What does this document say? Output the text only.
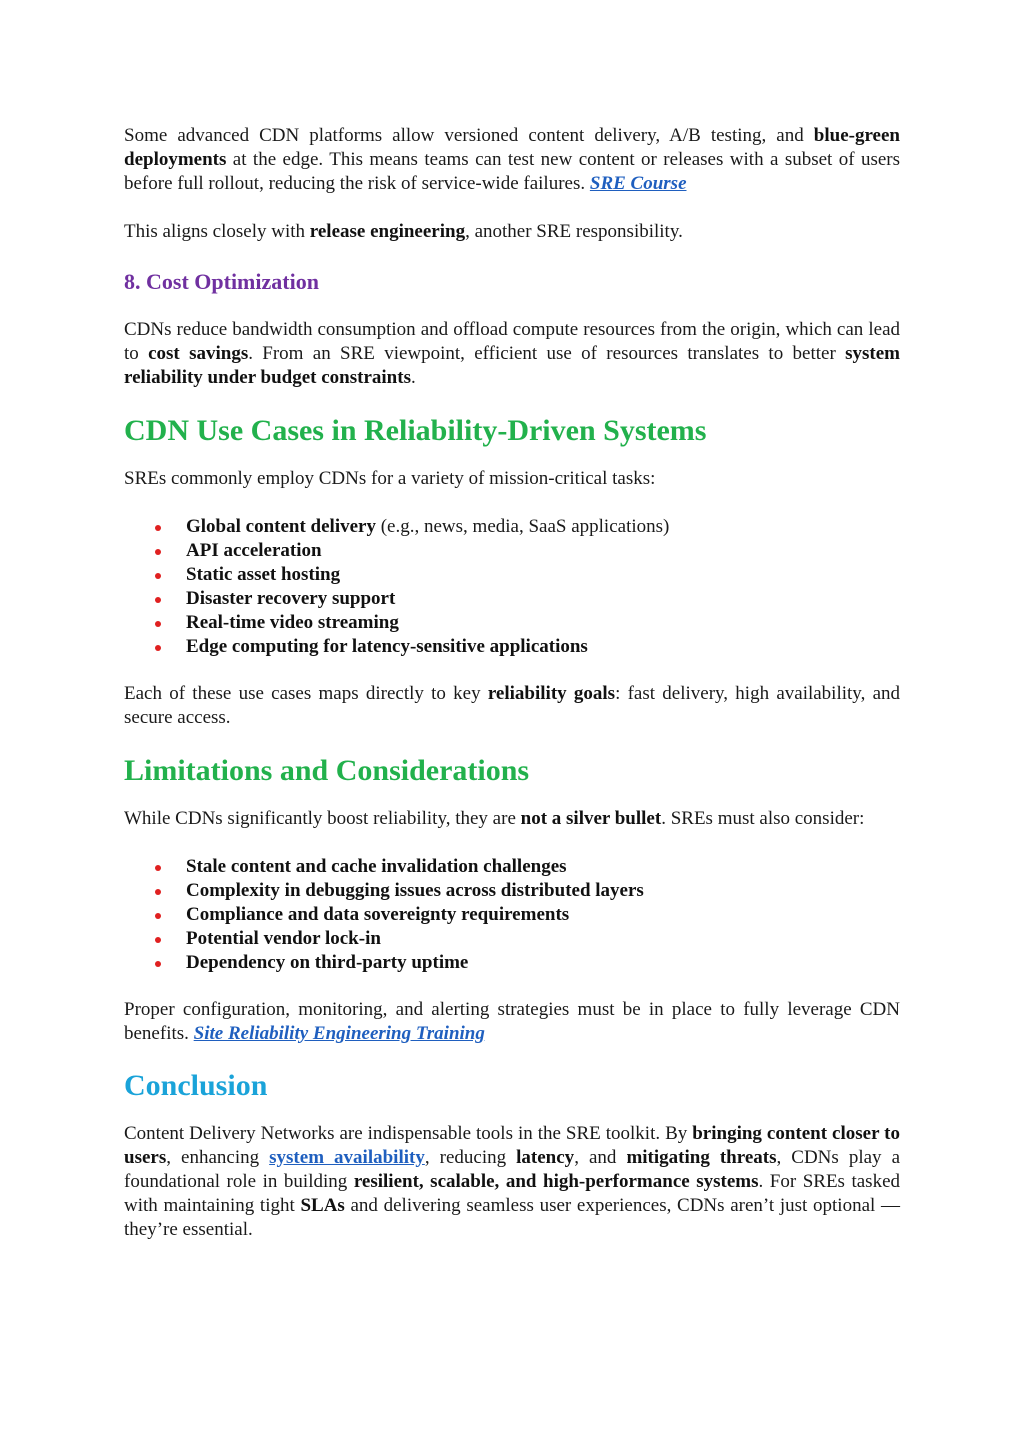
Some advanced CDN platforms allow versioned content delivery, A/B testing, and blue-green deployments at the edge. This means teams can test new content or releases with a subset of users before full rollout, reducing the risk of service-wide failures. SRE Course

This aligns closely with release engineering, another SRE responsibility.

8. Cost Optimization

CDNs reduce bandwidth consumption and offload compute resources from the origin, which can lead to cost savings. From an SRE viewpoint, efficient use of resources translates to better system reliability under budget constraints.

CDN Use Cases in Reliability-Driven Systems

SREs commonly employ CDNs for a variety of mission-critical tasks:

Global content delivery (e.g., news, media, SaaS applications)
API acceleration
Static asset hosting
Disaster recovery support
Real-time video streaming
Edge computing for latency-sensitive applications

Each of these use cases maps directly to key reliability goals: fast delivery, high availability, and secure access.

Limitations and Considerations

While CDNs significantly boost reliability, they are not a silver bullet. SREs must also consider:

Stale content and cache invalidation challenges
Complexity in debugging issues across distributed layers
Compliance and data sovereignty requirements
Potential vendor lock-in
Dependency on third-party uptime

Proper configuration, monitoring, and alerting strategies must be in place to fully leverage CDN benefits. Site Reliability Engineering Training

Conclusion

Content Delivery Networks are indispensable tools in the SRE toolkit. By bringing content closer to users, enhancing system availability, reducing latency, and mitigating threats, CDNs play a foundational role in building resilient, scalable, and high-performance systems. For SREs tasked with maintaining tight SLAs and delivering seamless user experiences, CDNs aren’t just optional — they’re essential.
